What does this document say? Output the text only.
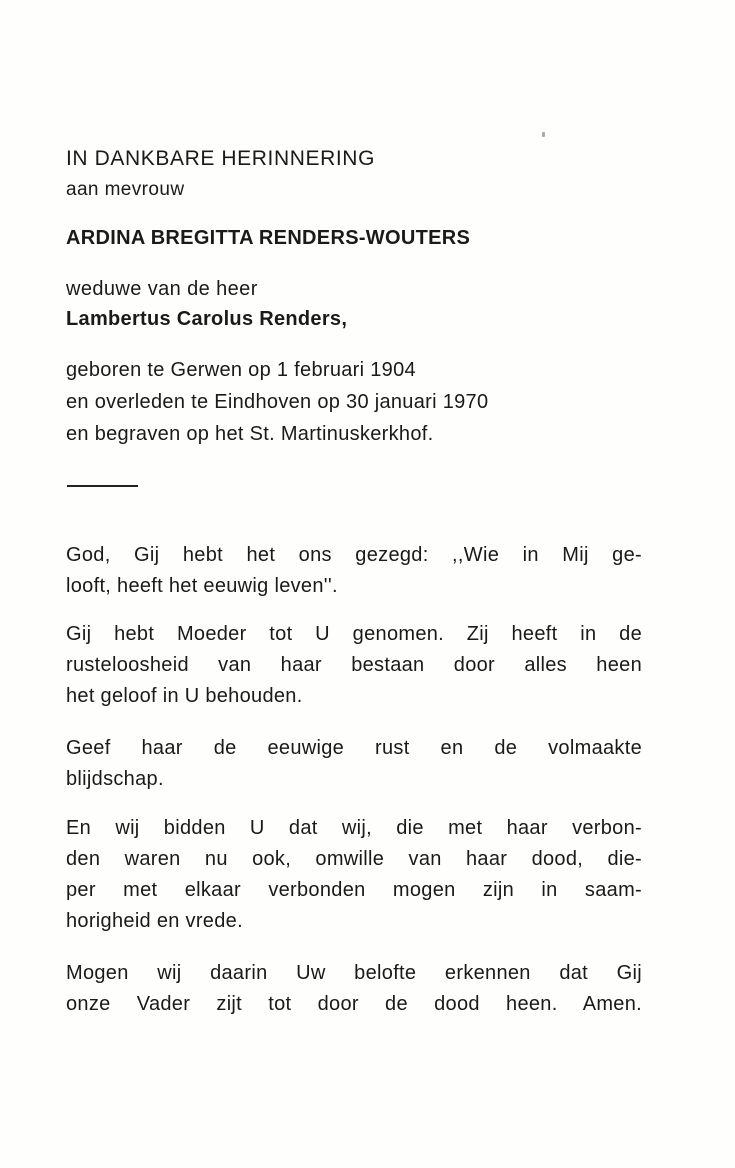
IN DANKBARE HERINNERING

aan mevrouw

ARDINA BREGITTA RENDERS-WOUTERS

weduwe van de heer
Lambertus Carolus Renders,
geboren te Gerwen op 1 februari 1904
en overleden te Eindhoven op 30 januari 1970
en begraven op het St. Martinuskerkhof.
God, Gij hebt het ons gezegd: ,,Wie in Mij ge-
looft, heeft het eeuwig leven''.
Gij hebt Moeder tot U genomen. Zij heeft in de
rusteloosheid van haar bestaan door alles heen
het geloof in U behouden.
Geef haar de eeuwige rust en de volmaakte
blijdschap.
En wij bidden U dat wij, die met haar verbon-
den waren nu ook, omwille van haar dood, die-
per met elkaar verbonden mogen zijn in saam-
horigheid en vrede.
Mogen wij daarin Uw belofte erkennen dat Gij
onze Vader zijt tot door de dood heen. Amen.
